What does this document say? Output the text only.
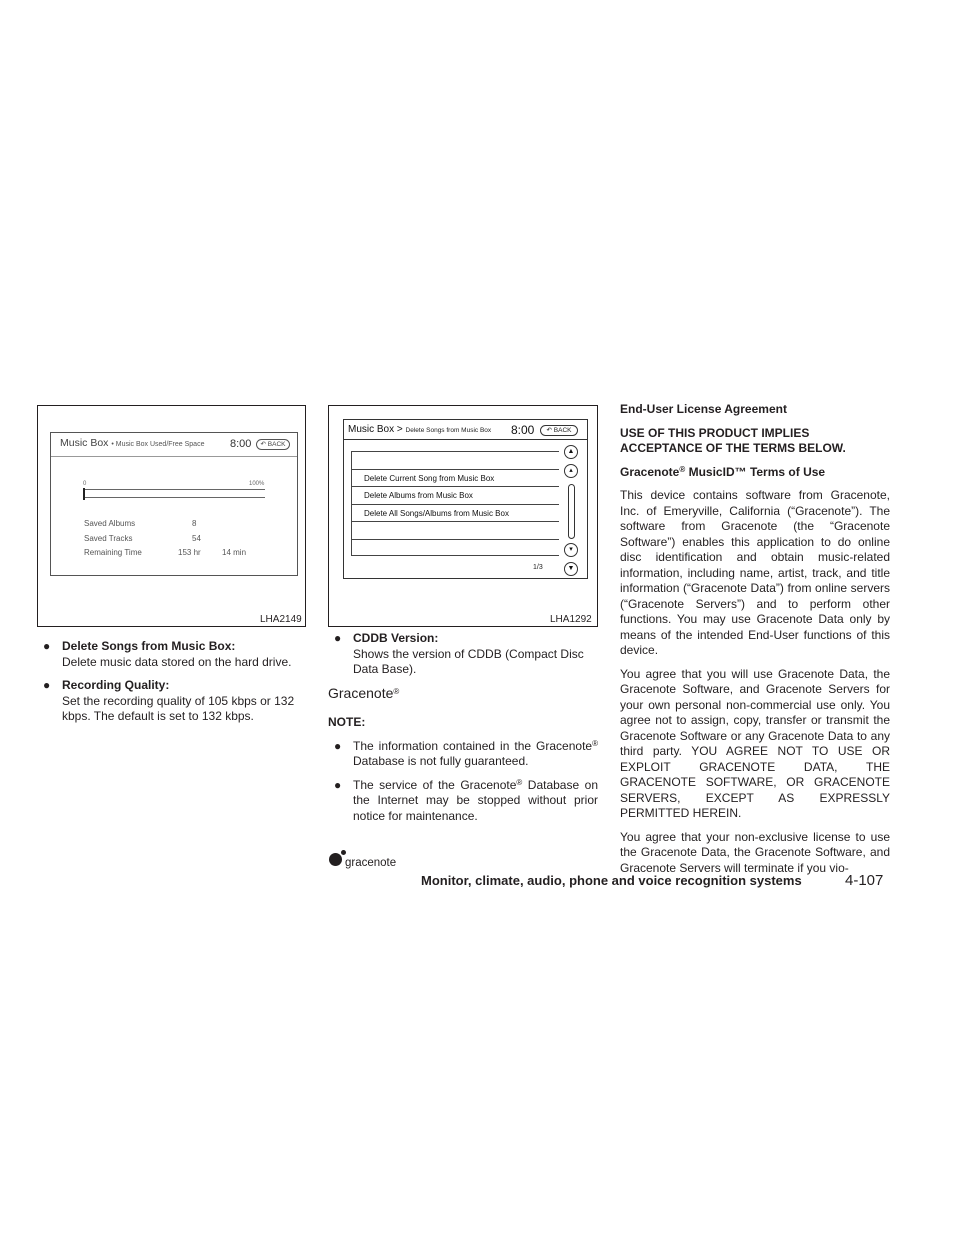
Music Box • Music Box Used/Free Space 8:00	↶ BACK
0	100%
Saved Albums	8
Saved Tracks	54
Remaining Time	153 hr	14 min
LHA2149
Music Box > Delete Songs from Music Box 8:00	↶ BACK
Delete Current Song from Music Box
Delete Albums from Music Box
Delete All Songs/Albums from Music Box
▲
▴
▾
▼
1/3
LHA1292
● Delete Songs from Music Box:
Delete music data stored on the hard drive.
● Recording Quality:
Set the recording quality of 105 kbps or 132 kbps. The default is set to 132 kbps.
● CDDB Version:
Shows the version of CDDB (Compact Disc Data Base).
Gracenote®
NOTE:
● The information contained in the Gracenote® Database is not fully guaranteed.
● The service of the Gracenote® Database on the Internet may be stopped without prior notice for maintenance.
gracenote
End-User License Agreement
USE OF THIS PRODUCT IMPLIES ACCEPTANCE OF THE TERMS BELOW.
Gracenote® MusicID™ Terms of Use
This device contains software from Gracenote, Inc. of Emeryville, California (“Gracenote”). The software from Gracenote (the “Gracenote Software”) enables this application to do online disc identification and obtain music-related information, including name, artist, track, and title information (“Gracenote Data”) from online servers (“Gracenote Servers”) and to perform other functions. You may use Gracenote Data only by means of the intended End-User functions of this device.
You agree that you will use Gracenote Data, the Gracenote Software, and Gracenote Servers for your own personal non-commercial use only. You agree not to assign, copy, transfer or transmit the Gracenote Software or any Gracenote Data to any third party. YOU AGREE NOT TO USE OR EXPLOIT GRACENOTE DATA, THE GRACENOTE SOFTWARE, OR GRACENOTE SERVERS, EXCEPT AS EXPRESSLY PERMITTED HEREIN.
You agree that your non-exclusive license to use the Gracenote Data, the Gracenote Software, and Gracenote Servers will terminate if you vio-
Monitor, climate, audio, phone and voice recognition systems	4-107
